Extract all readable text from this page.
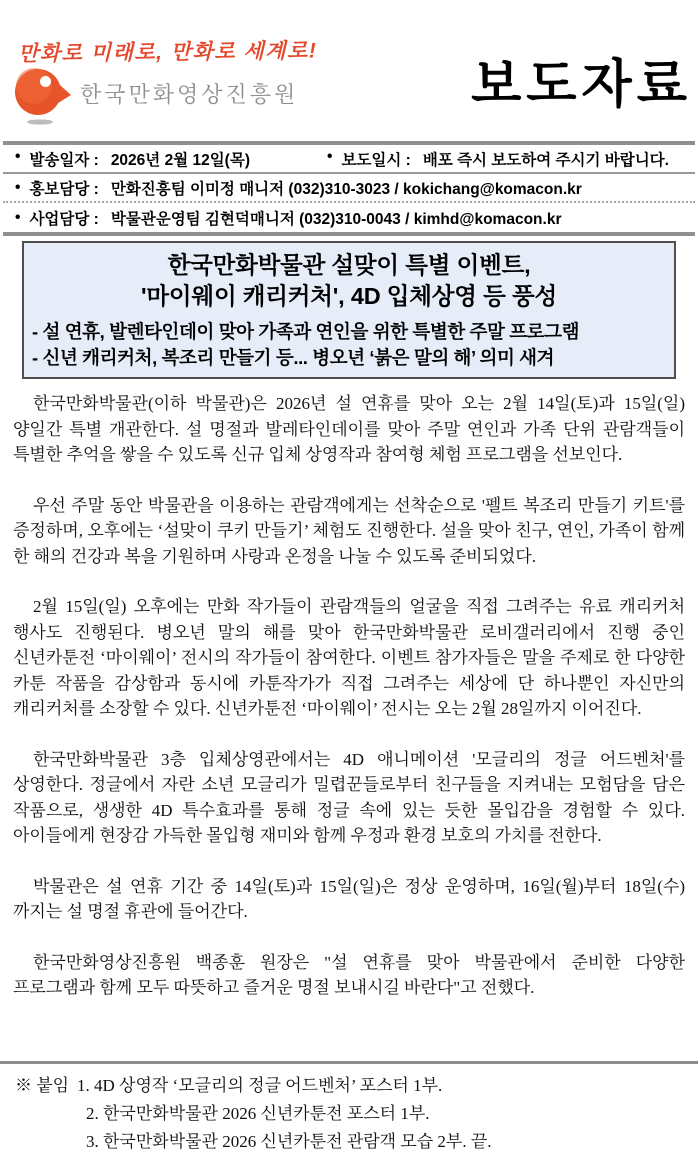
만화로 미래로, 만화로 세계로!
한국만화영상진흥원	보도자료
• 발송일자 : 2026년 2월 12일(목)	• 보도일시 : 배포 즉시 보도하여 주시기 바랍니다.
• 홍보담당 : 만화진흥팀 이미정 매니저 (032)310-3023 / kokichang@komacon.kr
• 사업담당 : 박물관운영팀 김현덕매니저 (032)310-0043 / kimhd@komacon.kr
한국만화박물관 설맞이 특별 이벤트,
'마이웨이 캐리커처', 4D 입체상영 등 풍성
- 설 연휴, 발렌타인데이 맞아 가족과 연인을 위한 특별한 주말 프로그램
- 신년 캐리커처, 복조리 만들기 등... 병오년 ‘붉은 말의 해’ 의미 새겨

한국만화박물관(이하 박물관)은 2026년 설 연휴를 맞아 오는 2월 14일(토)과 15일(일) 양일간 특별 개관한다. 설 명절과 발레타인데이를 맞아 주말 연인과 가족 단위 관람객들이 특별한 추억을 쌓을 수 있도록 신규 입체 상영작과 참여형 체험 프로그램을 선보인다.

우선 주말 동안 박물관을 이용하는 관람객에게는 선착순으로 '펠트 복조리 만들기 키트'를 증정하며, 오후에는 ‘설맞이 쿠키 만들기’ 체험도 진행한다. 설을 맞아 친구, 연인, 가족이 함께 한 해의 건강과 복을 기원하며 사랑과 온정을 나눌 수 있도록 준비되었다.

2월 15일(일) 오후에는 만화 작가들이 관람객들의 얼굴을 직접 그려주는 유료 캐리커처 행사도 진행된다. 병오년 말의 해를 맞아 한국만화박물관 로비갤러리에서 진행 중인 신년카툰전 ‘마이웨이’ 전시의 작가들이 참여한다. 이벤트 참가자들은 말을 주제로 한 다양한 카툰 작품을 감상함과 동시에 카툰작가가 직접 그려주는 세상에 단 하나뿐인 자신만의 캐리커처를 소장할 수 있다. 신년카툰전 ‘마이웨이’ 전시는 오는 2월 28일까지 이어진다.

한국만화박물관 3층 입체상영관에서는 4D 애니메이션 '모글리의 정글 어드벤처'를 상영한다. 정글에서 자란 소년 모글리가 밀렵꾼들로부터 친구들을 지켜내는 모험담을 담은 작품으로, 생생한 4D 특수효과를 통해 정글 속에 있는 듯한 몰입감을 경험할 수 있다. 아이들에게 현장감 가득한 몰입형 재미와 함께 우정과 환경 보호의 가치를 전한다.

박물관은 설 연휴 기간 중 14일(토)과 15일(일)은 정상 운영하며, 16일(월)부터 18일(수)까지는 설 명절 휴관에 들어간다.

한국만화영상진흥원 백종훈 원장은 "설 연휴를 맞아 박물관에서 준비한 다양한 프로그램과 함께 모두 따뜻하고 즐거운 명절 보내시길 바란다"고 전했다.

※ 붙임 1. 4D 상영작 ‘모글리의 정글 어드벤처’ 포스터 1부.
2. 한국만화박물관 2026 신년카툰전 포스터 1부.
3. 한국만화박물관 2026 신년카툰전 관람객 모습 2부. 끝.
